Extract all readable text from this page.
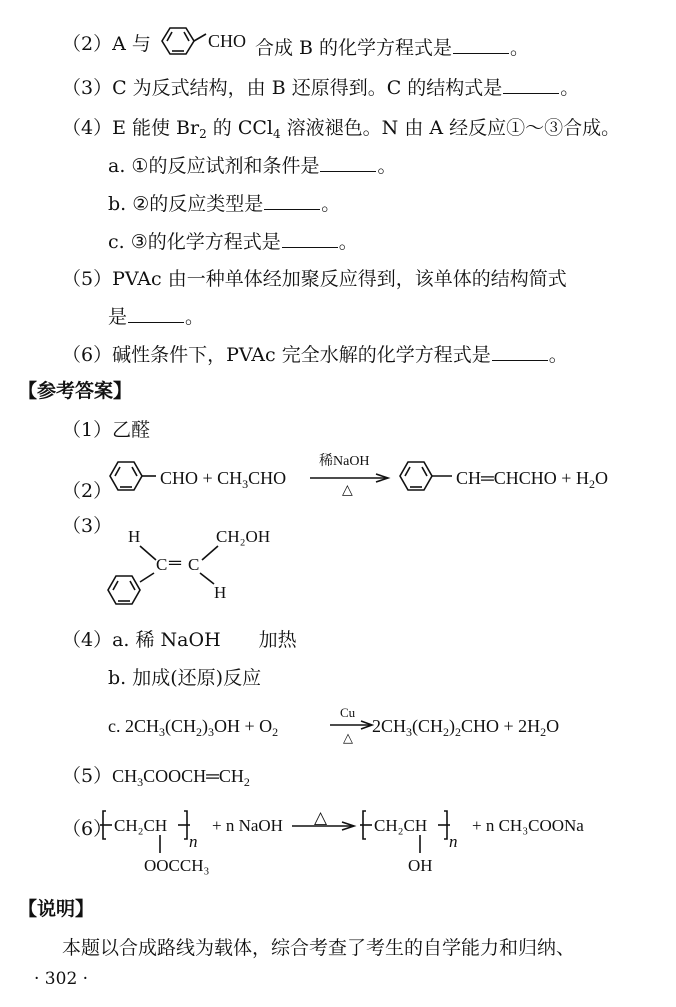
（2）A 与	CHO 合成 B 的化学方程式是	。
（3）C 为反式结构，由 B 还原得到。C 的结构式是	。
（4）E 能使 $Br_2$ 的 CCl$_4$ 溶液褪色。N 由 A 经反应①～③合成。
a. ①的反应试剂和条件是	。
b. ②的反应类型是	。
c. ③的化学方程式是	。
（5）PVAc 由一种单体经加聚反应得到，该单体的结构简式
是	。
（6）碱性条件下，PVAc 完全水解的化学方程式是	。
【参考答案】
（1）乙醛
（2）
CHO + $CH_3CHO$
稀NaOH
△
CH═CHCHO + $H_2O$
（3） H	CH₂OH
C ═ C
H
（4）a. 稀 NaOH　　加热
b. 加成(还原)反应
c. $2CH_3(CH_2)_3OH + O_2$
Cu
△
$2CH_3(CH_2)_2CHO + 2H_2O$
$(5)CH_3COOCH═CH_2$
（6） CH₂CH
n
OOCCH₃
+ n NaOH △	CH₂CH
n
OH
+ n CH₃COONa
【说明】
本题以合成路线为载体，综合考查了考生的自学能力和归纳、
· 302 ·
